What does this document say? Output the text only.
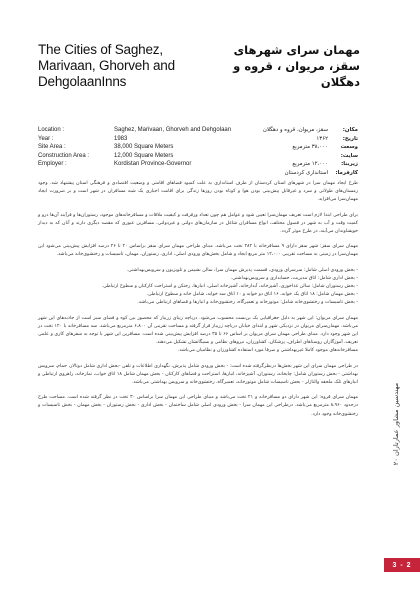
The Cities of Saghez, Marivaan, Ghorveh and DehgolaanInns
مهمان سرای شهرهای سقز، مریوان ، قروه و دهگلان
Location :	Saghez, Marivaan, Ghorveh and Dehgolaan
Year :	1983
Site Area :	38,000 Square Meters
Construction Area :	12,000 Square Meters
Employer :	Kordistan Province-Governor
مکان:
سقز، مریوان، قروه و دهگلان
تاریخ:
۱۳۶۲
وسعت سایت:
۳۸،۰۰۰ مترمربع
زیربنا:
۱۲،۰۰۰ مترمربع
کارفرما:
استانداری کردستان

طرح ایجاد مهمان سرا در شهرهای استان کردستان از طرف استانداری به علت کمبود فضاهای اقامتی و وضعیت اقتصادی و فرهنگی استان پیشنهاد شد. وجود زمستان‌های طولانی و سرد و غیرقابل پیش‌بینی بودن هوا و کوتاه بودن روزها زندگی برای اقامت اجباری یک شبه مسافران در شهر است و بر ضرورت ایجاد مهمان‌سرا می‌افزاید.

برای طراحی ابتدا لازم است تعریف مهمان‌سرا تعیین شود و عوامل هم چون تعداد ورفرفت و کیفیت ملاقات و مسافرخانه‌های موجود، رستوران‌ها و فرآیند آن‌ها درو و کمیت وقت و آب به شهر در فصول مختلف، انواع مسافران شاغل در سازمان‌های دولتی و غیردولتی، مسافرین عبوری که مقصد دیگری دارند و آنان که به دیدار خویشاوندان می‌آیند، در طرح موثر گردد.

مهمان سرای سقز: شهر سقز دارای ۹ مسافرخانه با ۲۸۴ تخت می‌باشد. مبنای طراحی مهمان سرای سقز براساس ۲۰ تا ۲۶ درصد افزایش پیش‌بینی می‌شود این مهمان‌سرا در زمینی به مساحت تقریبی ۱۲،۰۰۰ متر مربع ایجاد و شامل بخش‌های ورودی اصلی، اداری، رستوران، مهمان، تاسیسات و رختشوی‌خانه می‌باشد.

- بخش ورودی اصلی شامل: سرسرای ورودی، قسمت پذیرش مهمان سرا، سالن نشیمن و تلویزیون و سرویس‌بهداشتی.

- بخش اداری شامل: اتاق مدیریت، حسابداری و سرویس‌بهداشتی.

- بخش رستوران شامل: سالن غذاخوری، آشپزخانه، آبدارخانه، آشپزخانه اصلی، انبارها، رختکن و استراحت کارکنان و سطوح ارتباطی.

- بخش مهمان شامل: ۱۸ اتاق یک خوابه، ۱۶ اتاق دو خوابه و ۱۰ اتاق سه خوابه، شامل خانه و سطوح ارتباطی.

- بخش تاسیسات و رختشوی‌خانه شامل: موتورخانه و تعمیرگاه، رختشوی‌خانه و انبارها و فضاهای ارتباطی می‌باشد.

مهمان سرای مریوان: این شهر به دلیل جغرافیایی یک بن‌بست محسوب می‌شود. دریاچه زیبای زریبار که محصور بین کوه و فضای سبز است از جاذبه‌های این شهر می‌باشد. مهمان‌سرای مریوان در نزدیکی شهر و ابتدای خیابان دریاچه زریبار قرار گرفته و مساحت تقریبی آن ۶،۸۰۰ مترمربع می‌باشد. سه مسافرخانه با ۱۲۰ تخت در این شهر وجود دارد. مبنای طراحی مهمان سرای مریوان بر اساس ۶۶ تا ۳۵ درصد افزایش پیش‌بینی شده است. مسافرین این شهر با توجه به سفرهای کاری و علمی تعریف، آموزگاران روستاهای اطراف، پزشکان، کشاورزان، نیروهای نظامی و بسیگانشان تشکیل می‌دهند.

مسافرخانه‌های موجود کاملا غیربهداشتی و صرفا مورد استفاده کشاورزان و نظامیان می‌باشد.

در طراحی مهمان سرای این شهر بخش‌ها درنظرگرفته شده است: - بخش ورودی شامل پذیرش، نگهداری اطلاعات و تلفن -بخش اداری شامل دوتالار، حمام، سرویس بهداشتی - بخش رستوران شامل: چایخانه، رستوران، آشپزخانه، انبارها، استراحت و فضاهای کارکنان - بخش مهمان شامل ۱۸ اتاق خواب، نمازخانه، راهروی ارتباطی و انبارهای تلک ملحفه والتاژلر - بخش تاسیسات شامل موتورخانه، تعمیرگاه، رختشوی‌خانه و سرویس بهداشتی می‌باشد.

مهمان سرای قروه: این شهر دارای دو مسافرخانه و ۲۱ تخت می‌باشد و مبنای طراحی این مهمان سرا براساس ۳۰ تخت در نظر گرفته شده است. مساحت طرح درحدود ۸،۹۶۰ مترمربع می‌باشد. درطراحی این مهمان سرا - بخش ورودی اصلی شامل ساختمان - بخش اداری - بخش رستوران - بخش مهمان - بخش تاسیسات و رختشوی‌خانه وجود دارد.

مهندسین مشاور عمارتاران ۲۰
3 - 2
